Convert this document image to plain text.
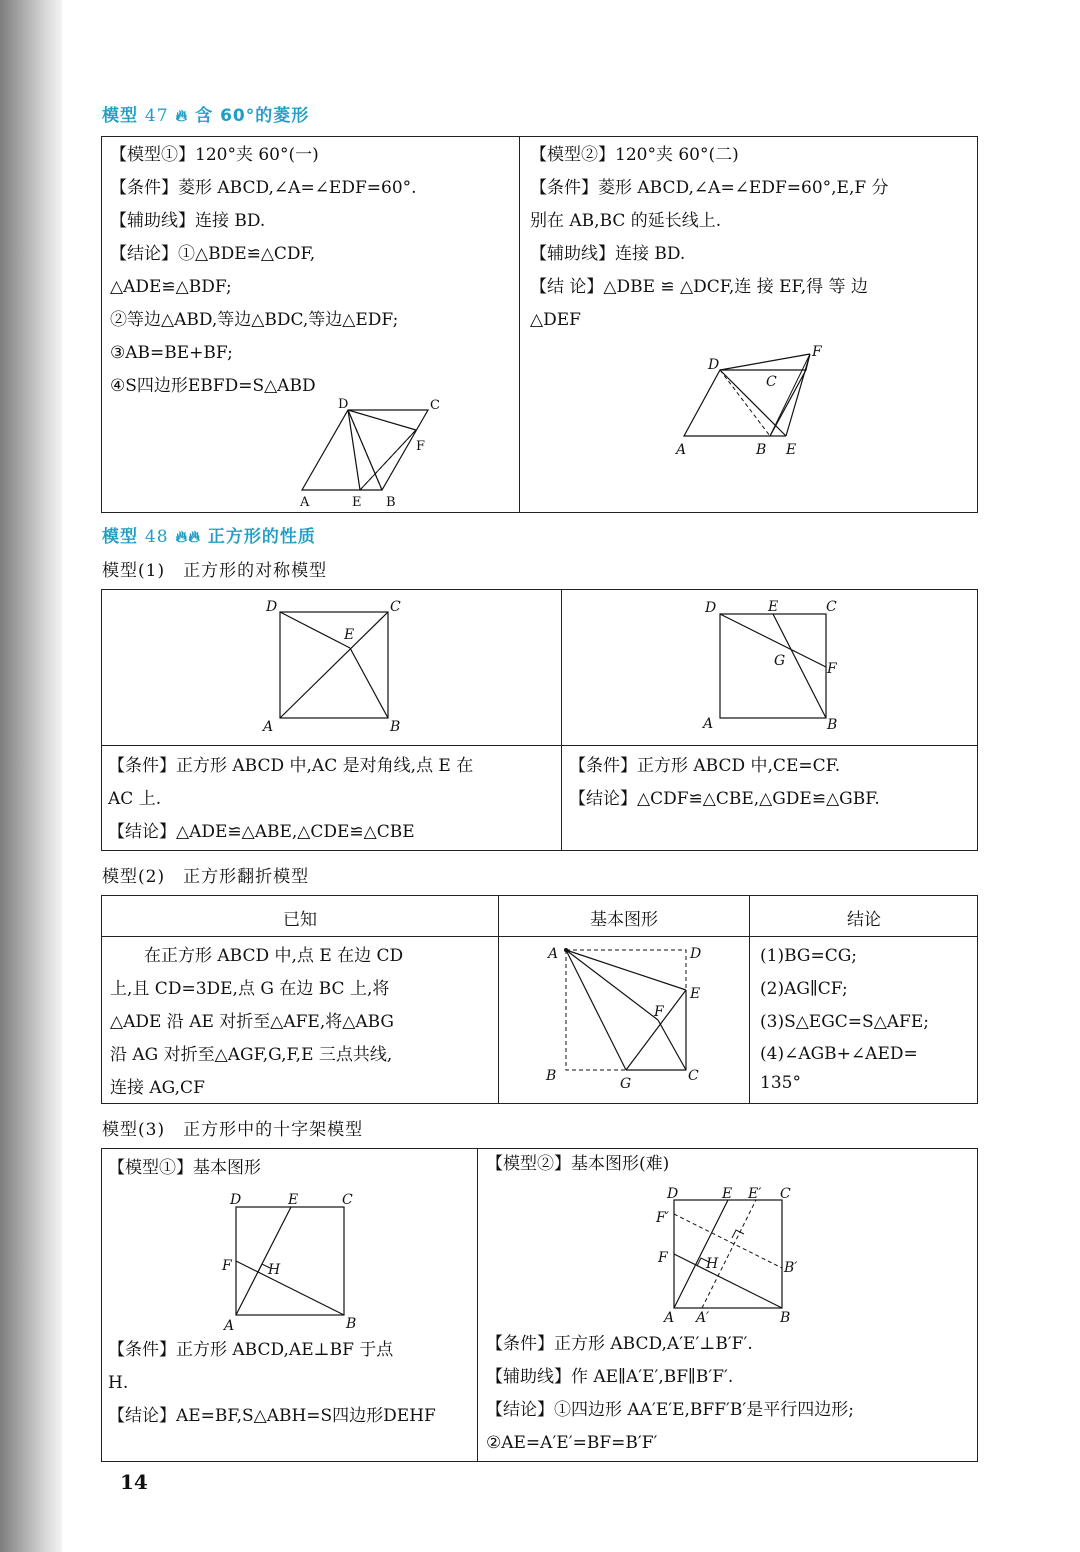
模型 47 🔥︎ 含 60°的菱形
【模型①】120°夹 60°(一)
【条件】菱形 ABCD,∠A=∠EDF=60°.
【辅助线】连接 BD.
【结论】①△BDE≌△CDF,
△ADE≌△BDF;
②等边△ABD,等边△BDC,等边△EDF;
③AB=BE+BF;
④S四边形EBFD=S△ABD
D	C
F
A	E B
【模型②】120°夹 60°(二)
【条件】菱形 ABCD,∠A=∠EDF=60°,E,F 分
别在 AB,BC 的延长线上.
【辅助线】连接 BD.
【结 论】△DBE ≌ △DCF,连 接 EF,得 等 边
△DEF
D
F
C
A	B E
模型 48 🔥︎🔥︎ 正方形的性质
模型(1)　正方形的对称模型
D	C
E
A	B
D	E	C
G	F
A	B
【条件】正方形 ABCD 中,AC 是对角线,点 E 在
AC 上.
【结论】△ADE≌△ABE,△CDE≌△CBE
【条件】正方形 ABCD 中,CE=CF.
【结论】△CDF≌△CBE,△GDE≌△GBF.
模型(2)　正方形翻折模型
已知	基本图形	结论
　　在正方形 ABCD 中,点 E 在边 CD
上,且 CD=3DE,点 G 在边 BC 上,将
△ADE 沿 AE 对折至△AFE,将△ABG
沿 AG 对折至△AGF,G,F,E 三点共线,
连接 AG,CF
A	D
E
F
B	G	C
(1)BG=CG;
(2)AG∥CF;
(3)S△EGC=S△AFE;
(4)∠AGB+∠AED=
135°
模型(3)　正方形中的十字架模型
【模型①】基本图形
D	E	C
F	H
A	B
【条件】正方形 ABCD,AE⊥BF 于点
H.
【结论】AE=BF,S△ABH=S四边形DEHF
【模型②】基本图形(难)
D	E E′ C
F′
F	H	B′
A A′	B
【条件】正方形 ABCD,A′E′⊥B′F′.
【辅助线】作 AE∥A′E′,BF∥B′F′.
【结论】①四边形 AA′E′E,BFF′B′是平行四边形;
②AE=A′E′=BF=B′F′
14
